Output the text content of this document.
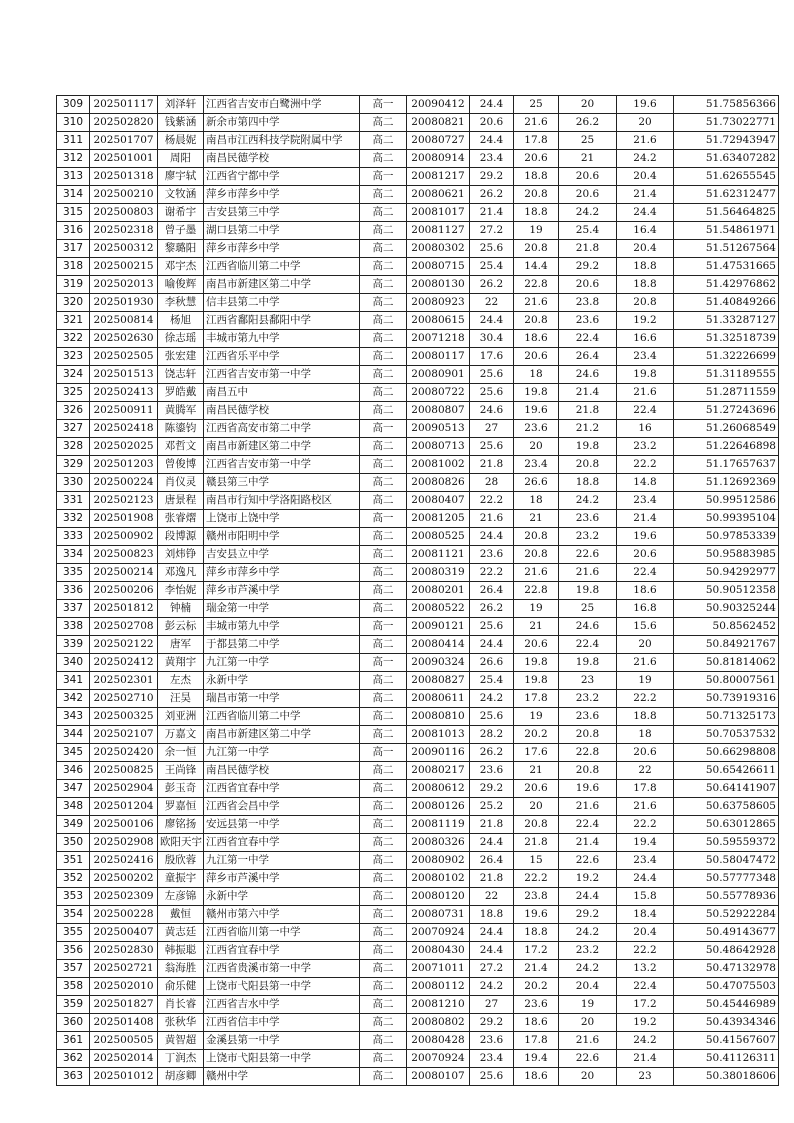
309	202501117	刘泽轩	江西省吉安市白鹭洲中学	高一	20090412	24.4	25	20	19.6	51.75856366
310	202502820	钱紫涵	新余市第四中学	高二	20080821	20.6	21.6	26.2	20	51.73022771
311	202501707	杨晨妮	南昌市江西科技学院附属中学	高二	20080727	24.4	17.8	25	21.6	51.72943947
312	202501001	周阳	南昌民德学校	高二	20080914	23.4	20.6	21	24.2	51.63407282
313	202501318	廖宇轼	江西省宁都中学	高一	20081217	29.2	18.8	20.6	20.4	51.62655545
314	202500210	文牧涵	萍乡市萍乡中学	高二	20080621	26.2	20.8	20.6	21.4	51.62312477
315	202500803	谢希宇	吉安县第三中学	高二	20081017	21.4	18.8	24.2	24.4	51.56464825
316	202502318	曾子墨	湖口县第二中学	高二	20081127	27.2	19	25.4	16.4	51.54861971
317	202500312	黎璐阳	萍乡市萍乡中学	高二	20080302	25.6	20.8	21.8	20.4	51.51267564
318	202500215	邓宇杰	江西省临川第二中学	高二	20080715	25.4	14.4	29.2	18.8	51.47531665
319	202502013	喻俊辉	南昌市新建区第二中学	高二	20080130	26.2	22.8	20.6	18.8	51.42976862
320	202501930	李秋慧	信丰县第二中学	高二	20080923	22	21.6	23.8	20.8	51.40849266
321	202500814	杨旭	江西省鄱阳县鄱阳中学	高二	20080615	24.4	20.8	23.6	19.2	51.33287127
322	202502630	徐志瑶	丰城市第九中学	高二	20071218	30.4	18.6	22.4	16.6	51.32518739
323	202502505	张宏建	江西省乐平中学	高二	20080117	17.6	20.6	26.4	23.4	51.32226699
324	202501513	饶志轩	江西省吉安市第一中学	高二	20080901	25.6	18	24.6	19.8	51.31189555
325	202502413	罗皓戴	南昌五中	高二	20080722	25.6	19.8	21.4	21.6	51.28711559
326	202500911	黄腾军	南昌民德学校	高二	20080807	24.6	19.6	21.8	22.4	51.27243696
327	202502418	陈鎏钧	江西省高安市第二中学	高一	20090513	27	23.6	21.2	16	51.26068549
328	202502025	邓哲文	南昌市新建区第二中学	高二	20080713	25.6	20	19.8	23.2	51.22646898
329	202501203	曾俊博	江西省吉安市第一中学	高二	20081002	21.8	23.4	20.8	22.2	51.17657637
330	202500224	肖仪灵	赣县第三中学	高二	20080826	28	26.6	18.8	14.8	51.12692369
331	202502123	唐景程	南昌市行知中学洛阳路校区	高二	20080407	22.2	18	24.2	23.4	50.99512586
332	202501908	张睿熠	上饶市上饶中学	高一	20081205	21.6	21	23.6	21.4	50.99395104
333	202500902	段博源	赣州市阳明中学	高二	20080525	24.4	20.8	23.2	19.6	50.97853339
334	202500823	刘炜铮	吉安县立中学	高二	20081121	23.6	20.8	22.6	20.6	50.95883985
335	202500214	邓逸凡	萍乡市萍乡中学	高二	20080319	22.2	21.6	21.6	22.4	50.94292977
336	202500206	李怡妮	萍乡市芦溪中学	高二	20080201	26.4	22.8	19.8	18.6	50.90512358
337	202501812	钟楠	瑞金第一中学	高二	20080522	26.2	19	25	16.8	50.90325244
338	202502708	彭云标	丰城市第九中学	高一	20090121	25.6	21	24.6	15.6	50.8562452
339	202502122	唐军	于都县第二中学	高二	20080414	24.4	20.6	22.4	20	50.84921767
340	202502412	黄翔宇	九江第一中学	高一	20090324	26.6	19.8	19.8	21.6	50.81814062
341	202502301	左杰	永新中学	高二	20080827	25.4	19.8	23	19	50.80007561
342	202502710	汪昊	瑞昌市第一中学	高二	20080611	24.2	17.8	23.2	22.2	50.73919316
343	202500325	刘亚洲	江西省临川第二中学	高二	20080810	25.6	19	23.6	18.8	50.71325173
344	202502107	万嘉文	南昌市新建区第二中学	高二	20081013	28.2	20.2	20.8	18	50.70537532
345	202502420	余一恒	九江第一中学	高一	20090116	26.2	17.6	22.8	20.6	50.66298808
346	202500825	王尚锋	南昌民德学校	高二	20080217	23.6	21	20.8	22	50.65426611
347	202502904	彭玉奇	江西省宜春中学	高二	20080612	29.2	20.6	19.6	17.8	50.64141907
348	202501204	罗嘉恒	江西省会昌中学	高二	20080126	25.2	20	21.6	21.6	50.63758605
349	202500106	廖铭扬	安远县第一中学	高二	20081119	21.8	20.8	22.4	22.2	50.63012865
350	202502908	欧阳天宇	江西省宜春中学	高二	20080326	24.4	21.8	21.4	19.4	50.59559372
351	202502416	殷欣蓉	九江第一中学	高二	20080902	26.4	15	22.6	23.4	50.58047472
352	202500202	童振宇	萍乡市芦溪中学	高二	20080102	21.8	22.2	19.2	24.4	50.57777348
353	202502309	左彦锦	永新中学	高二	20080120	22	23.8	24.4	15.8	50.55778936
354	202500228	戴恒	赣州市第六中学	高二	20080731	18.8	19.6	29.2	18.4	50.52922284
355	202500407	黄志廷	江西省临川第一中学	高二	20070924	24.4	18.8	24.2	20.4	50.49143677
356	202502830	韩振聪	江西省宜春中学	高二	20080430	24.4	17.2	23.2	22.2	50.48642928
357	202502721	翁海胜	江西省贵溪市第一中学	高二	20071011	27.2	21.4	24.2	13.2	50.47132978
358	202502010	俞乐健	上饶市弋阳县第一中学	高二	20080112	24.2	20.2	20.4	22.4	50.47075503
359	202501827	肖长睿	江西省吉水中学	高二	20081210	27	23.6	19	17.2	50.45446989
360	202501408	张秋华	江西省信丰中学	高二	20080802	29.2	18.6	20	19.2	50.43934346
361	202500505	黄智超	金溪县第一中学	高二	20080428	23.6	17.8	21.6	24.2	50.41567607
362	202502014	丁润杰	上饶市弋阳县第一中学	高二	20070924	23.4	19.4	22.6	21.4	50.41126311
363	202501012	胡彦卿	赣州中学	高二	20080107	25.6	18.6	20	23	50.38018606
